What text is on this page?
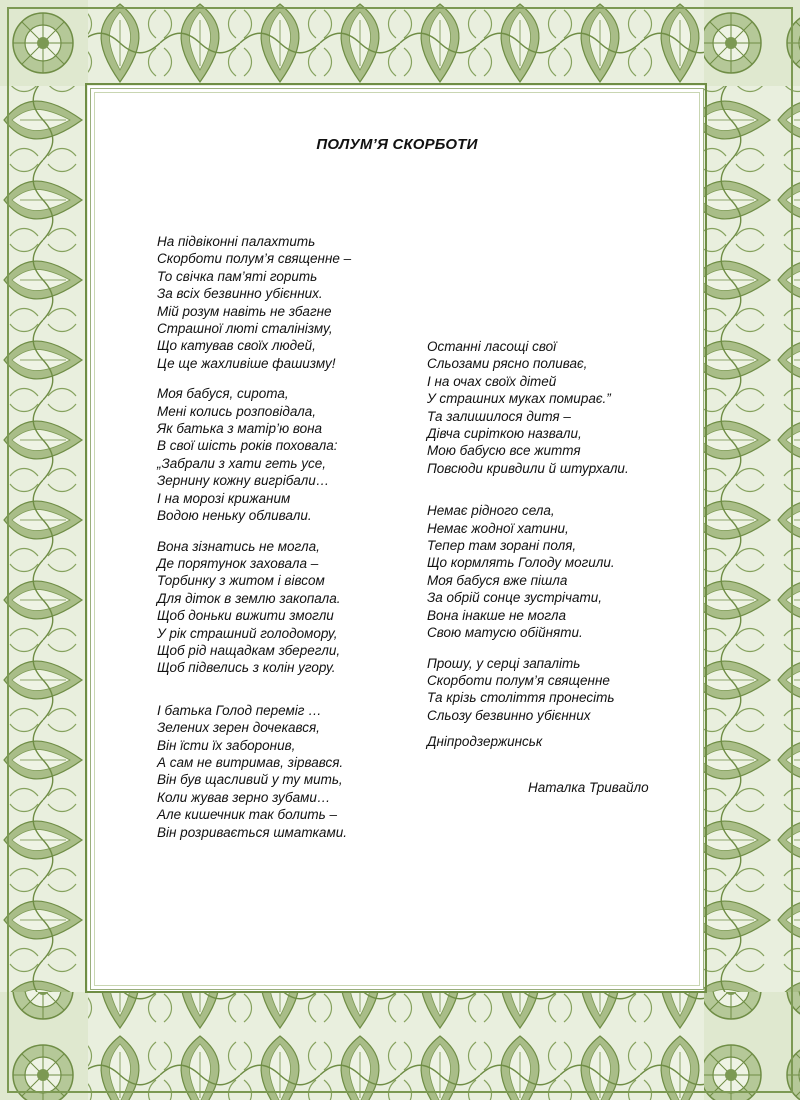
ПОЛУМ’Я СКОРБОТИ
На підвіконні палахтить
Скорботи полум’я священне –
То свічка пам’яті горить
За всіх безвинно убієнних.
Мій розум навіть не збагне
Страшної люті сталінізму,
Що катував своїх людей,
Це ще жахливіше фашизму!
Моя бабуся, сирота,
Мені колись розповідала,
Як батька з матір’ю вона
В свої шість років поховала:
„Забрали з хати геть усе,
Зернину кожну вигрібали…
І на морозі крижаним
Водою неньку обливали.
Вона зізнатись не могла,
Де порятунок заховала –
Торбинку з житом і вівсом
Для діток в землю закопала.
Щоб доньки вижити змогли
У рік страшний голодомору,
Щоб рід нащадкам зберегли,
Щоб підвелись з колін угору.
І батька Голод переміг …
Зелених зерен дочекався,
Він їсти їх заборонив,
А сам не витримав, зірвався.
Він був щасливий у ту мить,
Коли жував зерно зубами…
Але кишечник так болить –
Він розривається шматками.
Останні ласощі свої
Сльозами рясно поливає,
І на очах своїх дітей
У страшних муках помирає.”
Та залишилося дитя –
Дівча сиріткою назвали,
Мою бабусю все життя
Повсюди кривдили й штурхали.
Немає рідного села,
Немає жодної хатини,
Тепер там зорані поля,
Що кормлять Голоду могили.
Моя бабуся вже пішла
За обрій сонце зустрічати,
Вона інакше не могла
Свою матусю обійняти.
Прошу, у серці запаліть
Скорботи полум’я священне
Та крізь століття пронесіть
Сльозу безвинно убієнних
Дніпродзержинськ
Наталка Тривайло
